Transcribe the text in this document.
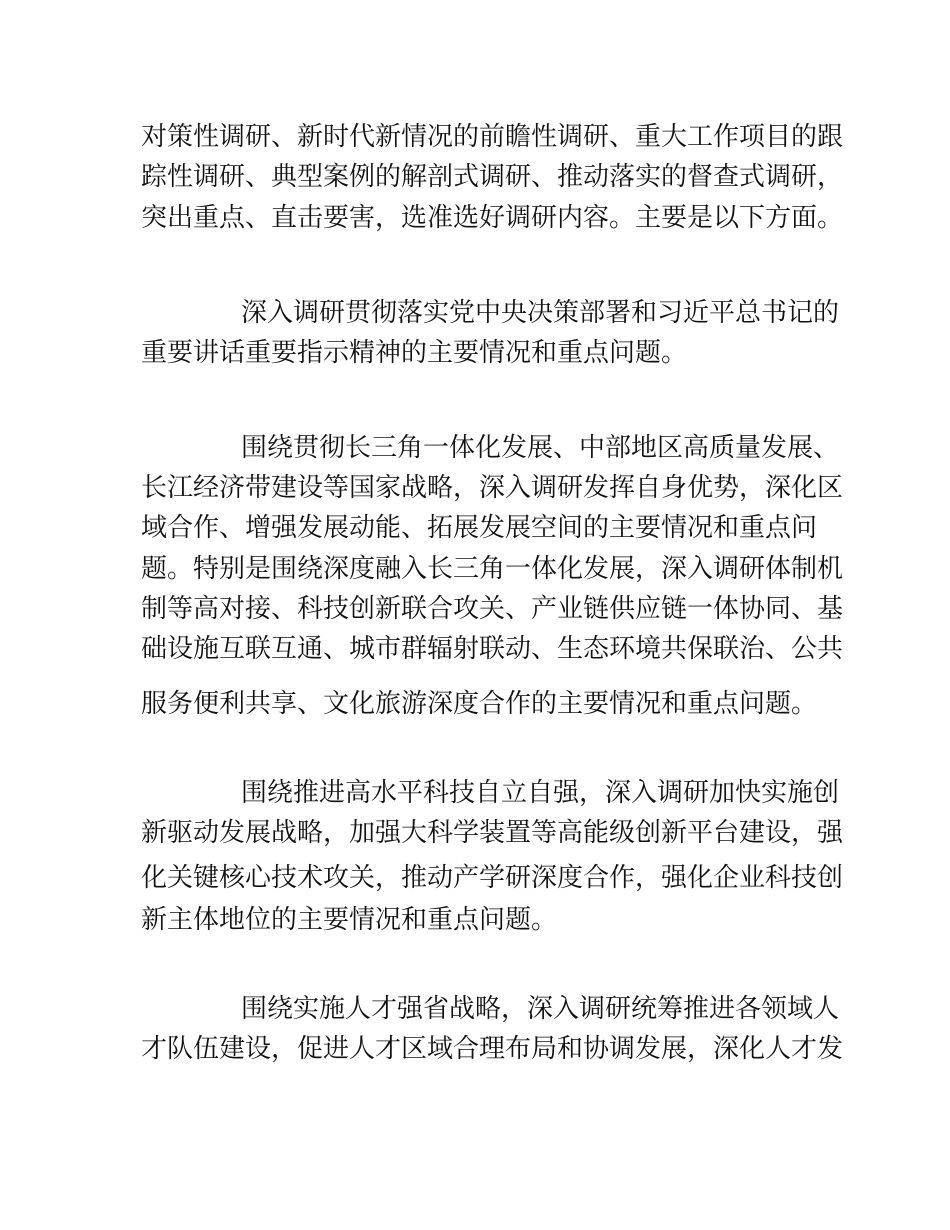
对策性调研、新时代新情况的前瞻性调研、重大工作项目的跟
踪性调研、典型案例的解剖式调研、推动落实的督查式调研，
突出重点、直击要害，选准选好调研内容。主要是以下方面。
深入调研贯彻落实党中央决策部署和习近平总书记的
重要讲话重要指示精神的主要情况和重点问题。
围绕贯彻长三角一体化发展、中部地区高质量发展、
长江经济带建设等国家战略，深入调研发挥自身优势，深化区
域合作、增强发展动能、拓展发展空间的主要情况和重点问
题。特别是围绕深度融入长三角一体化发展，深入调研体制机
制等高对接、科技创新联合攻关、产业链供应链一体协同、基
础设施互联互通、城市群辐射联动、生态环境共保联治、公共
服务便利共享、文化旅游深度合作的主要情况和重点问题。
围绕推进高水平科技自立自强，深入调研加快实施创
新驱动发展战略，加强大科学装置等高能级创新平台建设，强
化关键核心技术攻关，推动产学研深度合作，强化企业科技创
新主体地位的主要情况和重点问题。
围绕实施人才强省战略，深入调研统筹推进各领域人
才队伍建设，促进人才区域合理布局和协调发展，深化人才发
